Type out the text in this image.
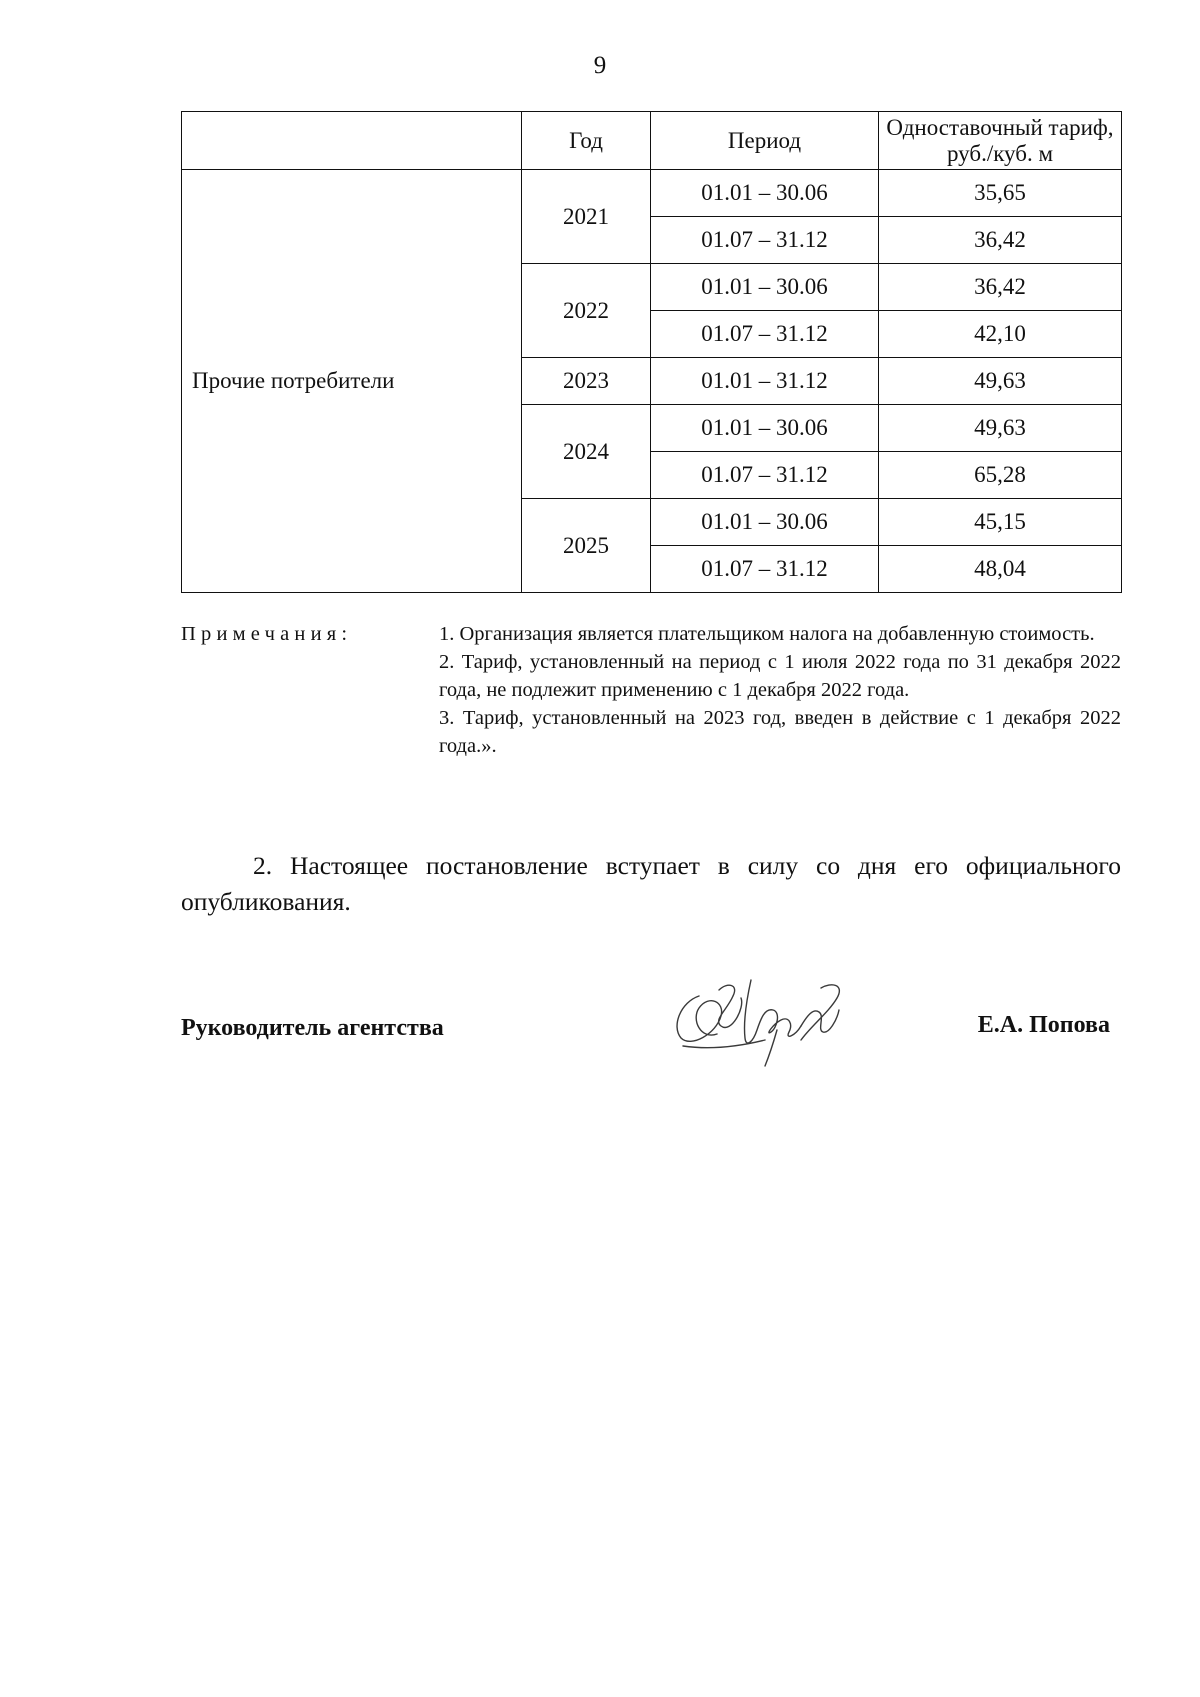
9
	Год	Период	Одноставочный тариф,
руб./куб. м

Прочие потребители	2021	01.01 – 30.06	35,65
		01.07 – 31.12	36,42
	2022	01.01 – 30.06	36,42
		01.07 – 31.12	42,10
	2023	01.01 – 31.12	49,63
	2024	01.01 – 30.06	49,63
		01.07 – 31.12	65,28
	2025	01.01 – 30.06	45,15
		01.07 – 31.12	48,04
Примечания:	1. Организация является плательщиком налога на добавленную стоимость.
2. Тариф, установленный на период с 1 июля 2022 года по 31 декабря 2022 года, не подлежит применению с 1 декабря 2022 года.
3. Тариф, установленный на 2023 год, введен в действие с 1 декабря 2022 года.».

2. Настоящее постановление вступает в силу со дня его официального опубликования.

Руководитель агентства	Е.А. Попова
